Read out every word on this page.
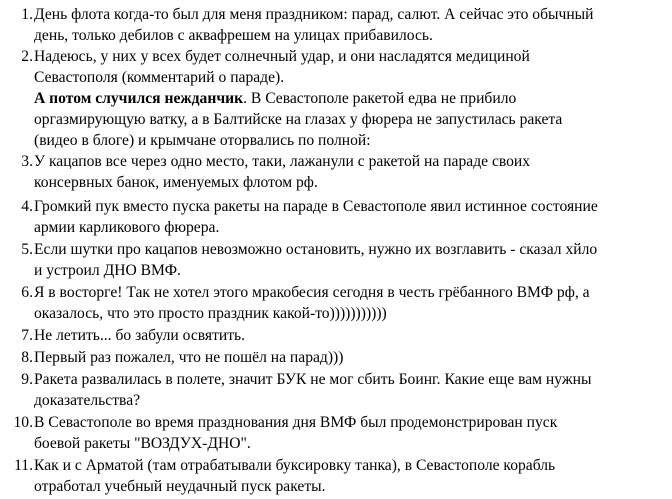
1. День флота когда-то был для меня праздником: парад, салют. А сейчас это обычный
день, только дебилов с аквафрешем на улицах прибавилось.
2. Надеюсь, у них у всех будет солнечный удар, и они насладятся медициной
Севастополя (комментарий о параде).
А потом случился нежданчик. В Севастополе ракетой едва не прибило
оргазмирующую ватку, а в Балтийске на глазах у фюрера не запустилась ракета
(видео в блоге) и крымчане оторвались по полной:
3. У кацапов все через одно место, таки, лажанули с ракетой на параде своих
консервных банок, именуемых флотом рф.
4. Громкий пук вместо пуска ракеты на параде в Севастополе явил истинное состояние
армии карликового фюрера.
5. Если шутки про кацапов невозможно остановить, нужно их возглавить - сказал хйло
и устроил ДНО ВМФ.
6. Я в восторге! Так не хотел этого мракобесия сегодня в честь грёбанного ВМФ рф, а
оказалось, что это просто праздник какой-то)))))))))))
7. Не летить... бо забули освятить.
8. Первый раз пожалел, что не пошёл на парад)))
9. Ракета развалилась в полете, значит БУК не мог сбить Боинг. Какие еще вам нужны
доказательства?
10. В Севастополе во время празднования дня ВМФ был продемонстрирован пуск
боевой ракеты "ВОЗДУХ-ДНО".
11. Как и с Арматой (там отрабатывали буксировку танка), в Севастополе корабль
отработал учебный неудачный пуск ракеты.
